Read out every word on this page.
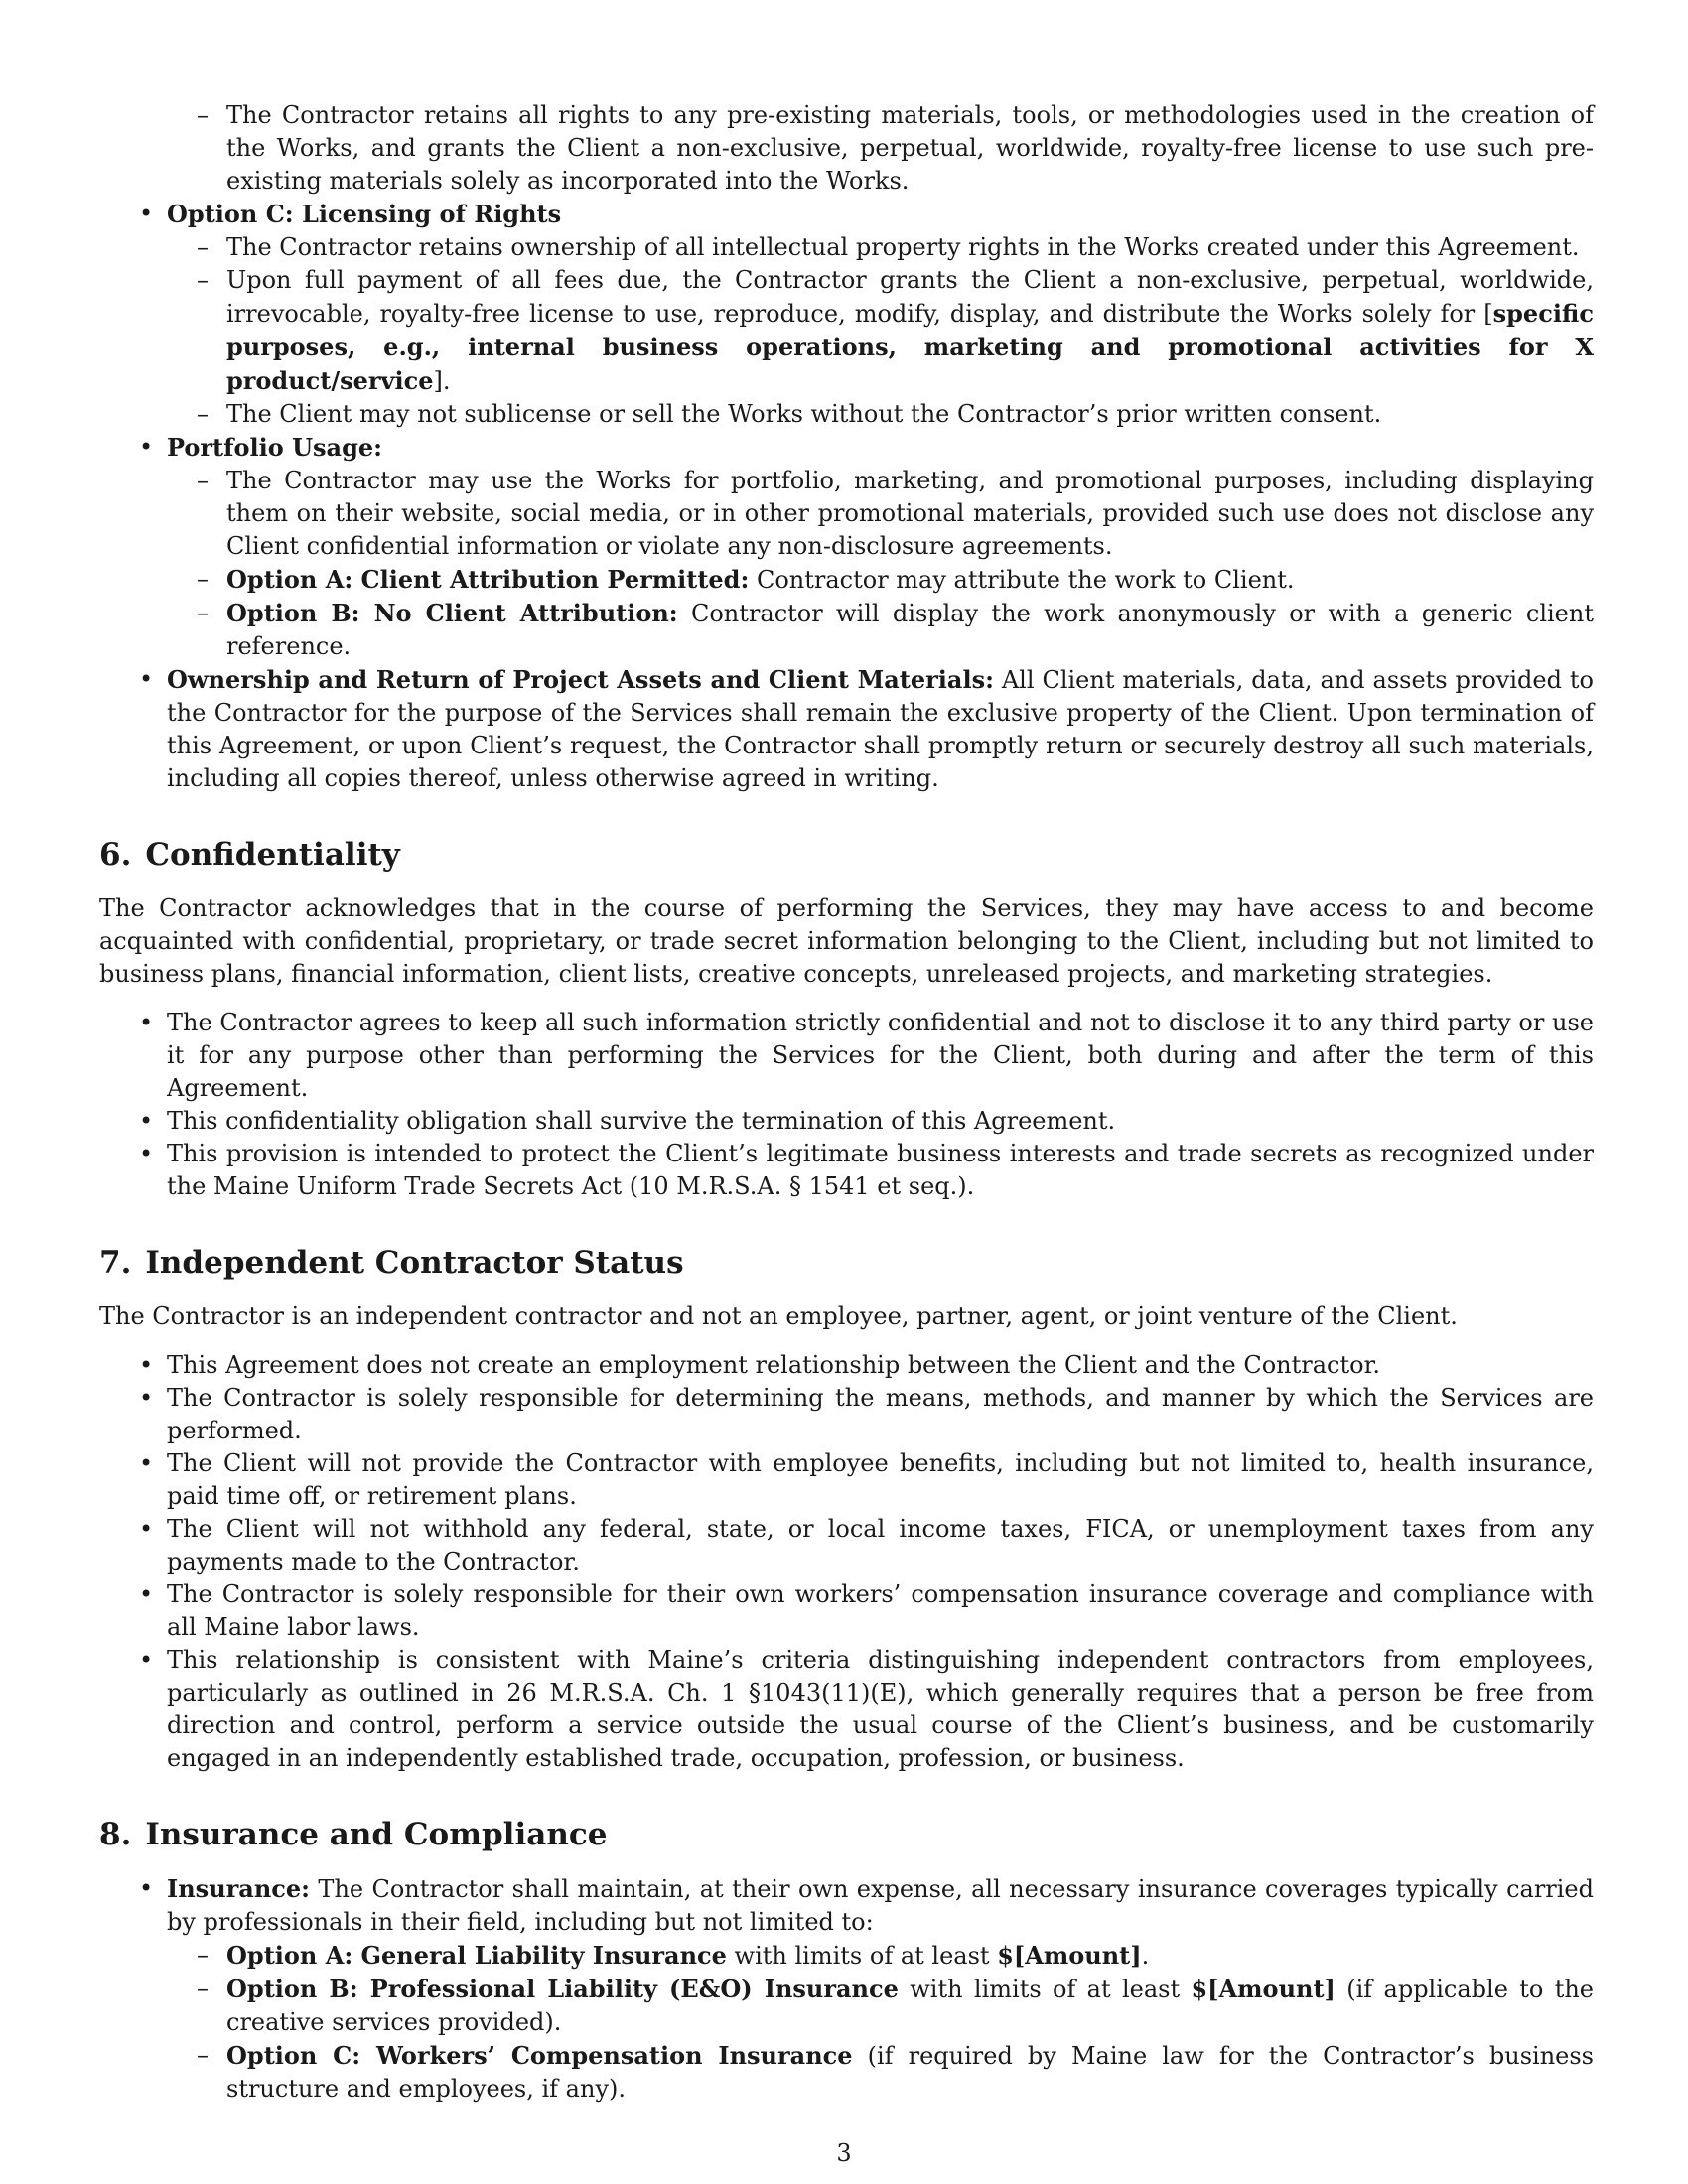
– The Contractor retains all rights to any pre-existing materials, tools, or methodologies used in the creation of the Works, and grants the Client a non-exclusive, perpetual, worldwide, royalty-free license to use such pre-existing materials solely as incorporated into the Works.
• Option C: Licensing of Rights
– The Contractor retains ownership of all intellectual property rights in the Works created under this Agreement.
– Upon full payment of all fees due, the Contractor grants the Client a non-exclusive, perpetual, worldwide, irrevocable, royalty-free license to use, reproduce, modify, display, and distribute the Works solely for [specific purposes, e.g., internal business operations, marketing and promotional activities for X product/service].
– The Client may not sublicense or sell the Works without the Contractor’s prior written consent.
• Portfolio Usage:
– The Contractor may use the Works for portfolio, marketing, and promotional purposes, including displaying them on their website, social media, or in other promotional materials, provided such use does not disclose any Client confidential information or violate any non-disclosure agreements.
– Option A: Client Attribution Permitted: Contractor may attribute the work to Client.
– Option B: No Client Attribution: Contractor will display the work anonymously or with a generic client reference.
• Ownership and Return of Project Assets and Client Materials: All Client materials, data, and assets provided to the Contractor for the purpose of the Services shall remain the exclusive property of the Client. Upon termination of this Agreement, or upon Client’s request, the Contractor shall promptly return or securely destroy all such materials, including all copies thereof, unless otherwise agreed in writing.
6. Confidentiality

The Contractor acknowledges that in the course of performing the Services, they may have access to and become acquainted with confidential, proprietary, or trade secret information belonging to the Client, including but not limited to business plans, financial information, client lists, creative concepts, unreleased projects, and marketing strategies.

• The Contractor agrees to keep all such information strictly confidential and not to disclose it to any third party or use it for any purpose other than performing the Services for the Client, both during and after the term of this Agreement.
• This confidentiality obligation shall survive the termination of this Agreement.
• This provision is intended to protect the Client’s legitimate business interests and trade secrets as recognized under the Maine Uniform Trade Secrets Act (10 M.R.S.A. § 1541 et seq.).
7. Independent Contractor Status

The Contractor is an independent contractor and not an employee, partner, agent, or joint venture of the Client.

• This Agreement does not create an employment relationship between the Client and the Contractor.
• The Contractor is solely responsible for determining the means, methods, and manner by which the Services are performed.
• The Client will not provide the Contractor with employee benefits, including but not limited to, health insurance, paid time off, or retirement plans.
• The Client will not withhold any federal, state, or local income taxes, FICA, or unemployment taxes from any payments made to the Contractor.
• The Contractor is solely responsible for their own workers’ compensation insurance coverage and compliance with all Maine labor laws.
• This relationship is consistent with Maine’s criteria distinguishing independent contractors from employees, particularly as outlined in 26 M.R.S.A. Ch. 1 §1043(11)(E), which generally requires that a person be free from direction and control, perform a service outside the usual course of the Client’s business, and be customarily engaged in an independently established trade, occupation, profession, or business.
8. Insurance and Compliance
• Insurance: The Contractor shall maintain, at their own expense, all necessary insurance coverages typically carried by professionals in their field, including but not limited to:
– Option A: General Liability Insurance with limits of at least $[Amount].
– Option B: Professional Liability (E&O) Insurance with limits of at least $[Amount] (if applicable to the creative services provided).
– Option C: Workers’ Compensation Insurance (if required by Maine law for the Contractor’s business structure and employees, if any).
3
